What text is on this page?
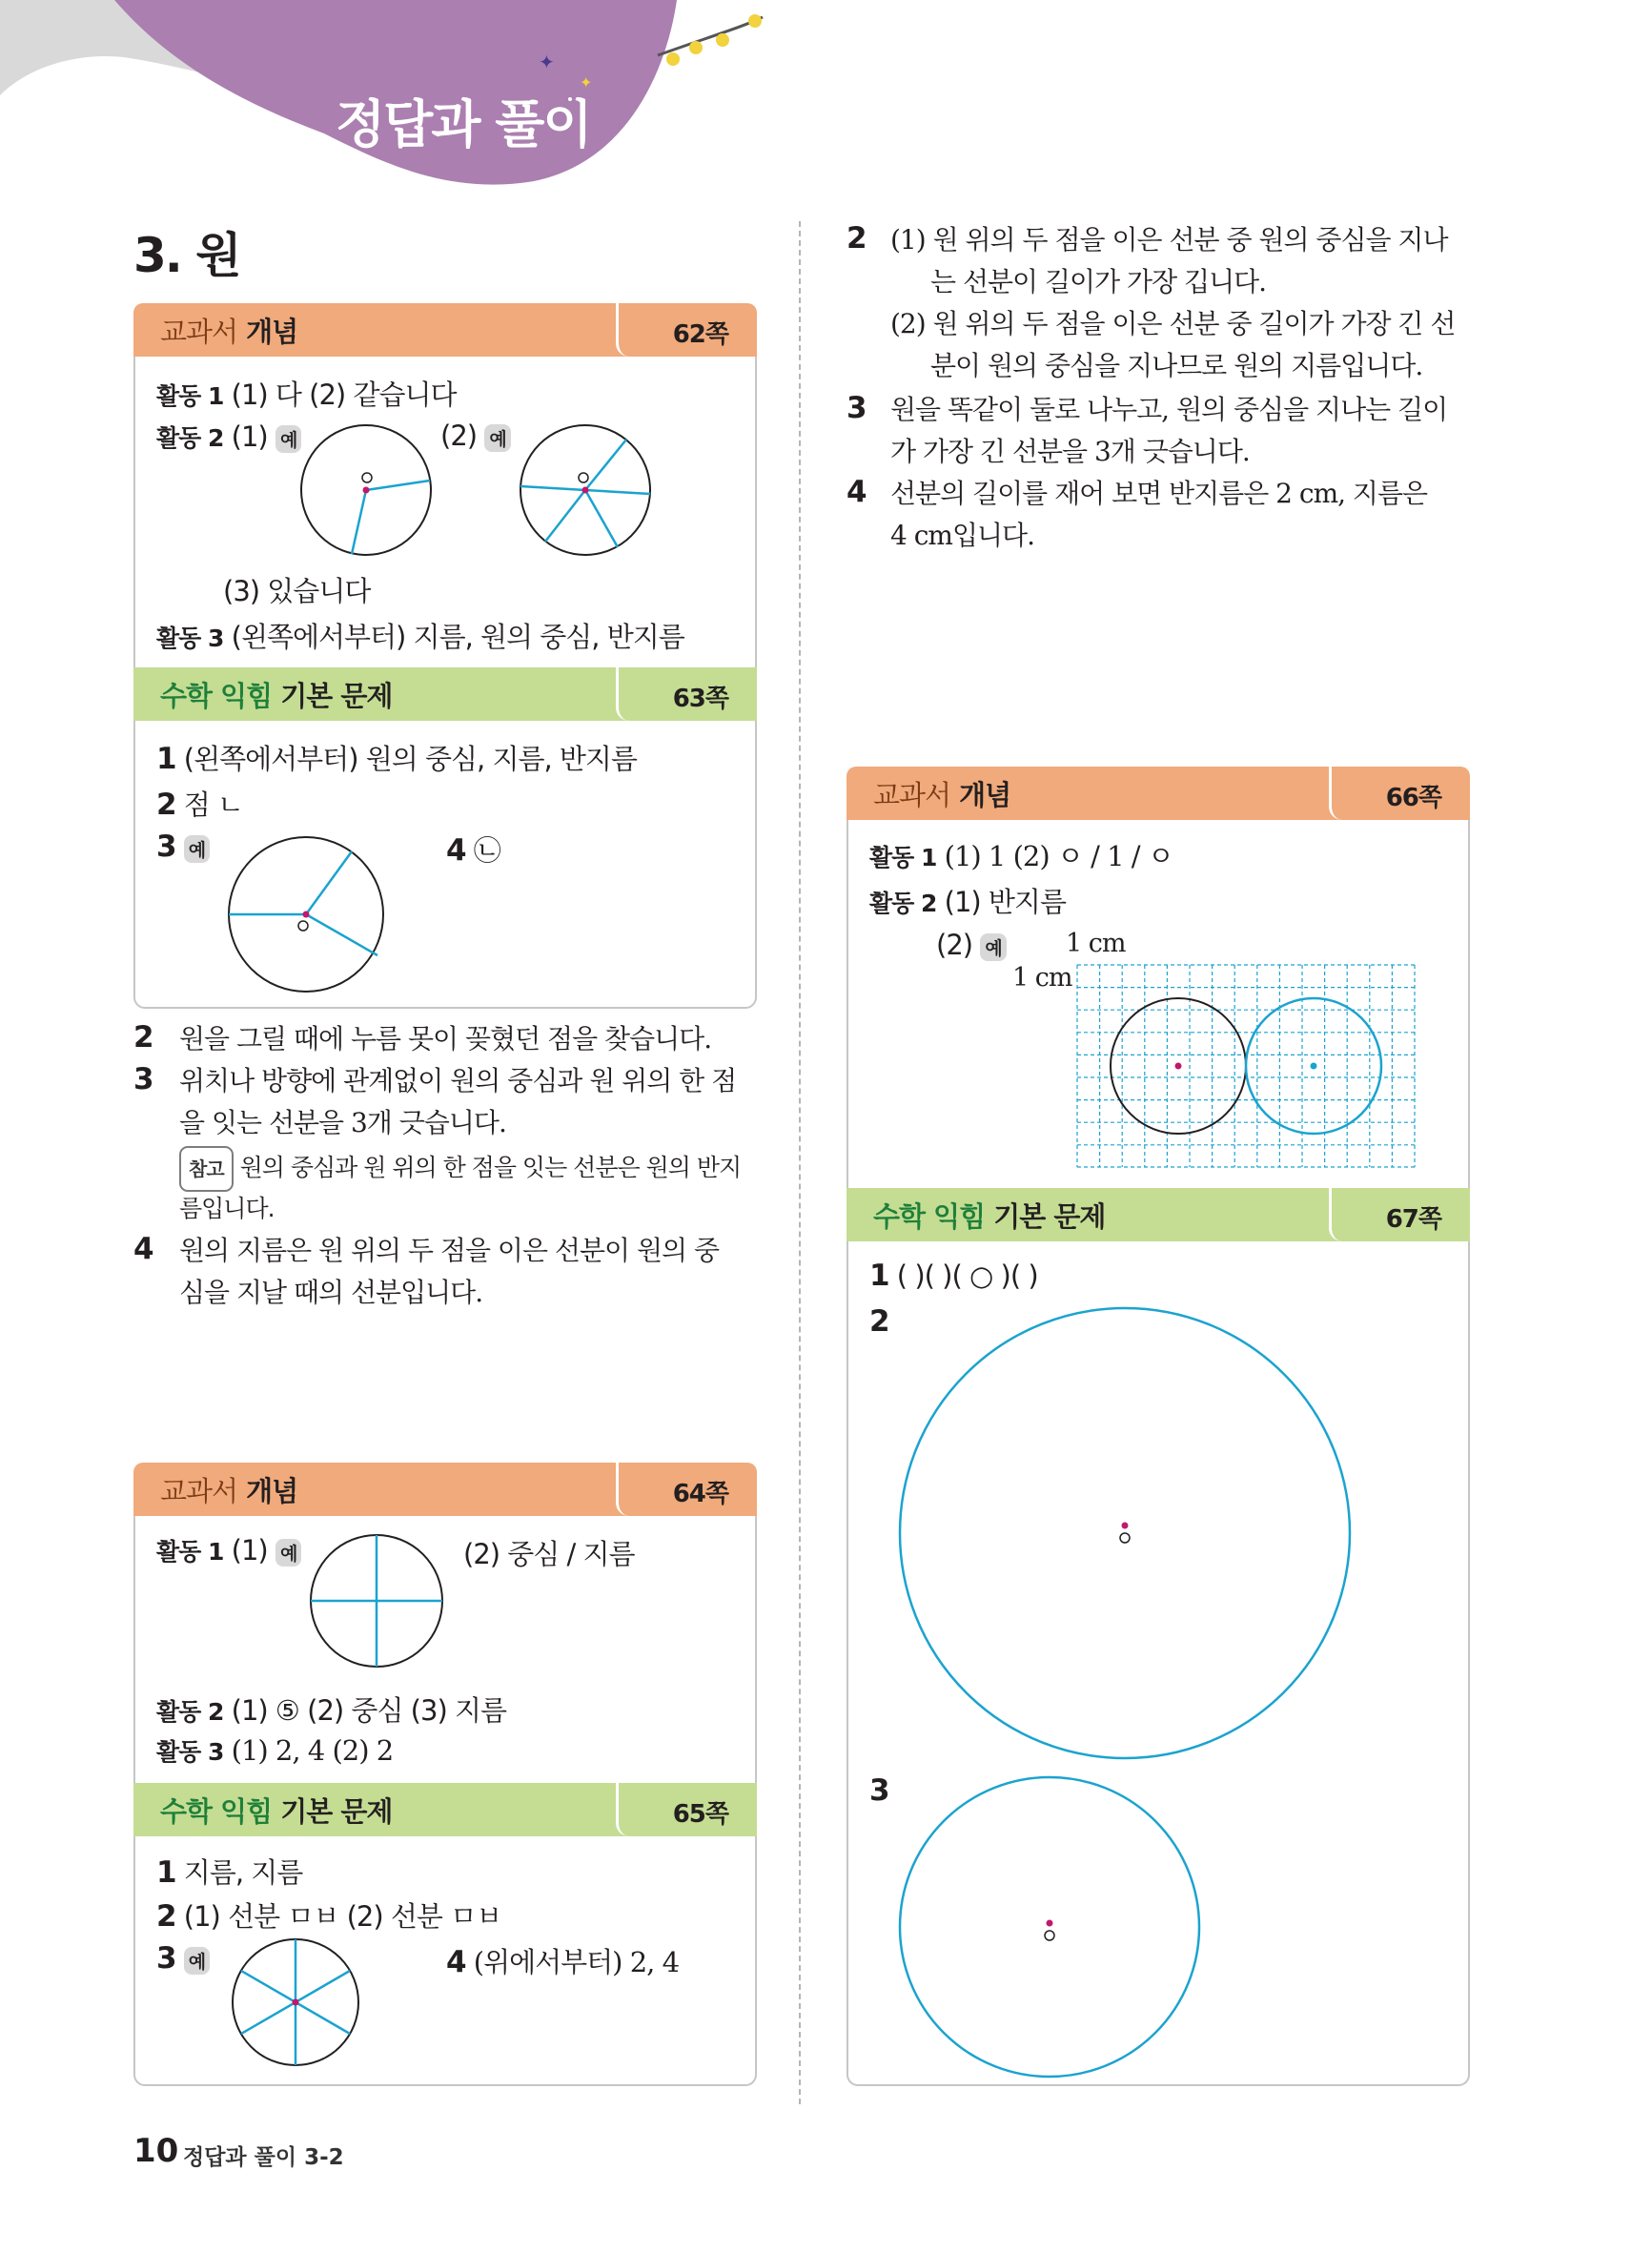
✦
✦
정답과 풀이
3. 원
교과서 개념	62쪽
활동 1 (1) 다 (2) 같습니다
활동 2 (1) 예	(2) 예
(3) 있습니다
활동 3 (왼쪽에서부터) 지름, 원의 중심, 반지름
수학 익힘 기본 문제	63쪽
1 (왼쪽에서부터) 원의 중심, 지름, 반지름
2 점 ㄴ
3 예	4 ㉡
2 원을 그릴 때에 누름 못이 꽂혔던 점을 찾습니다.
3 위치나 방향에 관계없이 원의 중심과 원 위의 한 점
을 잇는 선분을 3개 긋습니다.
참고 원의 중심과 원 위의 한 점을 잇는 선분은 원의 반지
름입니다.
4 원의 지름은 원 위의 두 점을 이은 선분이 원의 중
심을 지날 때의 선분입니다.
교과서 개념	64쪽
활동 1 (1) 예	(2) 중심 / 지름
활동 2 (1) ⑤ (2) 중심 (3) 지름
활동 3 (1) 2, 4 (2) 2
수학 익힘 기본 문제	65쪽
1 지름, 지름
2 (1) 선분 ㅁㅂ (2) 선분 ㅁㅂ
3 예	4 (위에서부터) 2, 4
2 (1) 원 위의 두 점을 이은 선분 중 원의 중심을 지나
는 선분이 길이가 가장 깁니다.
(2) 원 위의 두 점을 이은 선분 중 길이가 가장 긴 선
분이 원의 중심을 지나므로 원의 지름입니다.
3 원을 똑같이 둘로 나누고, 원의 중심을 지나는 길이
가 가장 긴 선분을 3개 긋습니다.
4 선분의 길이를 재어 보면 반지름은 2 cm, 지름은
4 cm입니다.
교과서 개념	66쪽
활동 1 (1) 1 (2) ㅇ / 1 / ㅇ
활동 2 (1) 반지름
(2) 예 1 cm
1 cm
수학 익힘 기본 문제	67쪽
1 ( )( )( ○ )( )
2
3
10 정답과 풀이 3-2
